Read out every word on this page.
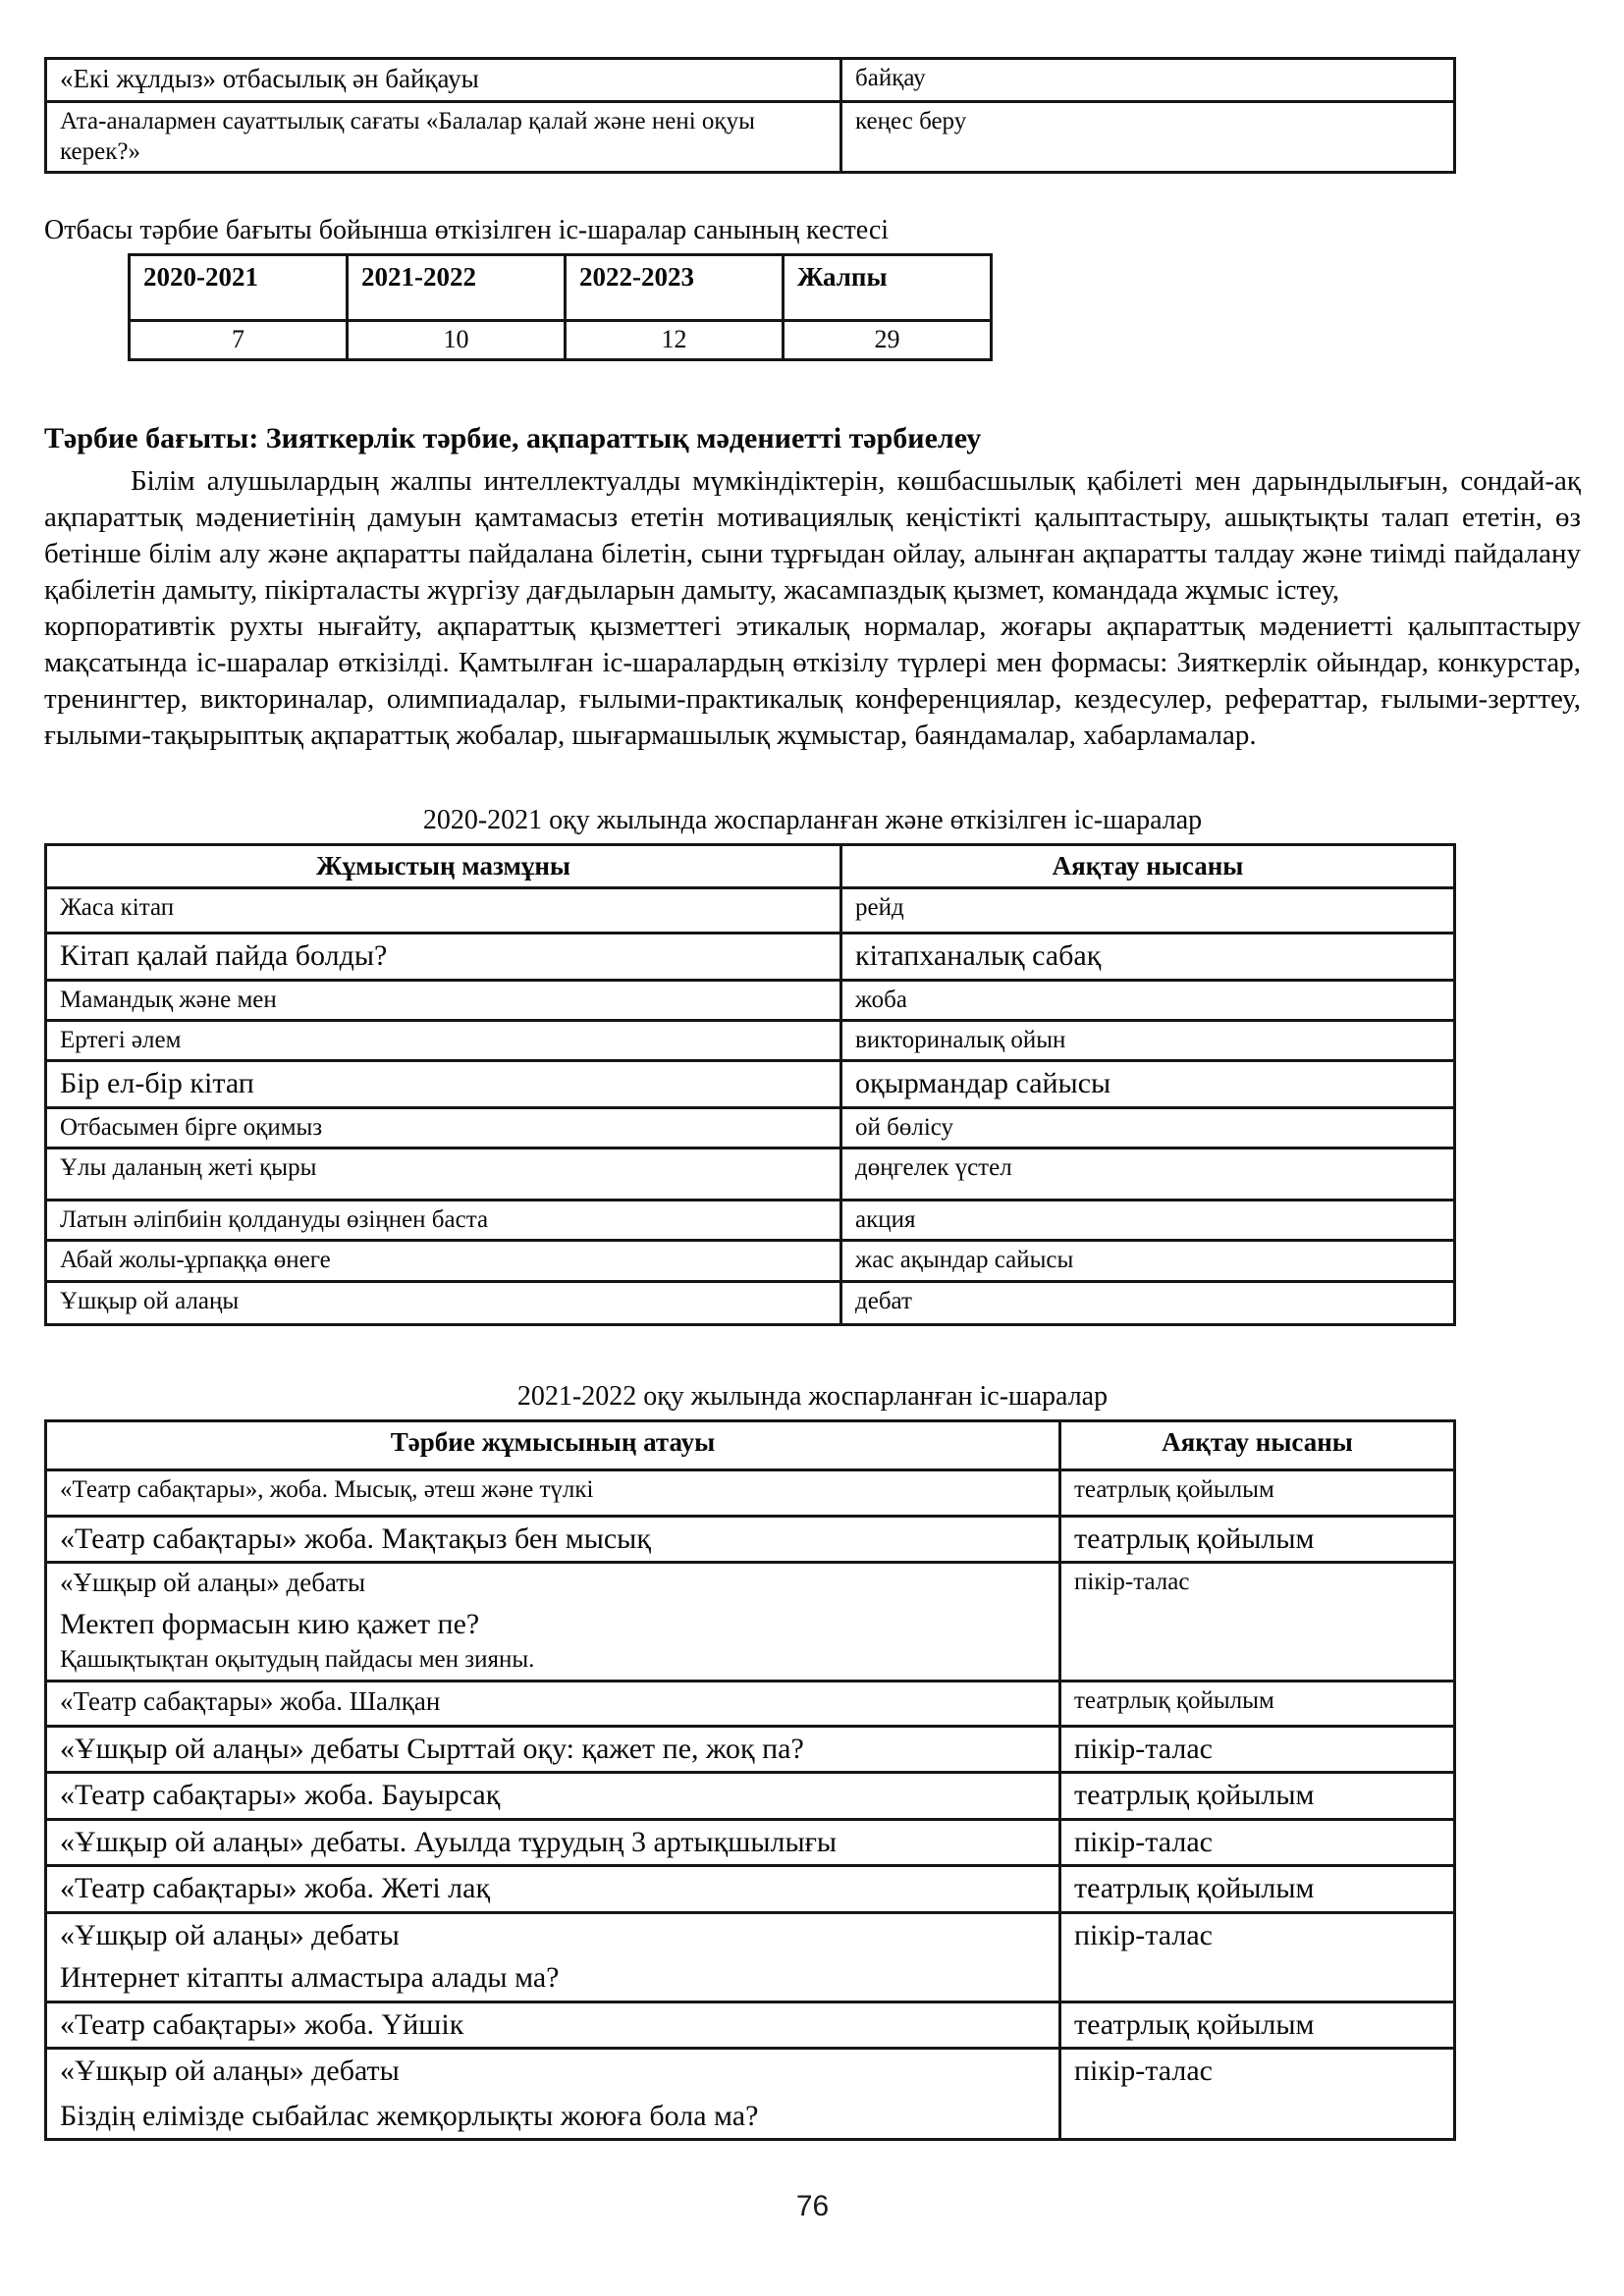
«Екі жұлдыз» отбасылық ән байқауы	байқау
Ата-аналармен сауаттылық сағаты «Балалар қалай және нені оқуы керек?»	кеңес беру
Отбасы тәрбие бағыты бойынша өткізілген іс-шаралар санының кестесі
2020-2021	2021-2022	2022-2023	Жалпы
7	10	12	29
Тәрбие бағыты: Зияткерлік тәрбие, ақпараттық мәдениетті тәрбиелеу

Білім алушылардың жалпы интеллектуалды мүмкіндіктерін, көшбасшылық қабілеті мен дарындылығын, сондай-ақ ақпараттық мәдениетінің дамуын қамтамасыз ететін мотивациялық кеңістікті қалыптастыру, ашықтықты талап ететін, өз бетінше білім алу және ақпаратты пайдалана білетін, сыни тұрғыдан ойлау, алынған ақпаратты талдау және тиімді пайдалану қабілетін дамыту, пікірталасты жүргізу дағдыларын дамыту, жасампаздық қызмет, командада жұмыс істеу,

корпоративтік рухты нығайту, ақпараттық қызметтегі этикалық нормалар, жоғары ақпараттық мәдениетті қалыптастыру мақсатында іс-шаралар өткізілді. Қамтылған іс-шаралардың өткізілу түрлері мен формасы: Зияткерлік ойындар, конкурстар, тренингтер, викториналар, олимпиадалар, ғылыми-практикалық конференциялар, кездесулер, рефераттар, ғылыми-зерттеу, ғылыми-тақырыптық ақпараттық жобалар, шығармашылық жұмыстар, баяндамалар, хабарламалар.

2020-2021 оқу жылында жоспарланған және өткізілген іс-шаралар
Жұмыстың мазмұны	Аяқтау нысаны
Жаса кітап	рейд
Кітап қалай пайда болды?	кітапханалық сабақ
Мамандық және мен	жоба
Ертегі әлем	викториналық ойын
Бір ел-бір кітап	оқырмандар сайысы
Отбасымен бірге оқимыз	ой бөлісу
Ұлы даланың жеті қыры	дөңгелек үстел
Латын әліпбиін қолдануды өзіңнен баста	акция
Абай жолы-ұрпаққа өнеге	жас ақындар сайысы
Ұшқыр ой алаңы	дебат
2021-2022 оқу жылында жоспарланған іс-шаралар
Тәрбие жұмысының атауы	Аяқтау нысаны
«Театр сабақтары», жоба. Мысық, әтеш және түлкі	театрлық қойылым
«Театр сабақтары» жоба. Мақтақыз бен мысық	театрлық қойылым

«Ұшқыр ой алаңы» дебаты
Мектеп формасын кию қажет пе?
Қашықтықтан оқытудың пайдасы мен зияны.	пікір-талас
«Театр сабақтары» жоба. Шалқан	театрлық қойылым
«Ұшқыр ой алаңы» дебаты Сырттай оқу: қажет пе, жоқ па?	пікір-талас
«Театр сабақтары» жоба. Бауырсақ	театрлық қойылым
«Ұшқыр ой алаңы» дебаты. Ауылда тұрудың 3 артықшылығы	пікір-талас
«Театр сабақтары» жоба. Жеті лақ	театрлық қойылым

«Ұшқыр ой алаңы» дебаты
Интернет кітапты алмастыра алады ма?	пікір-талас
«Театр сабақтары» жоба. Үйшік	театрлық қойылым

«Ұшқыр ой алаңы» дебаты
Біздің елімізде сыбайлас жемқорлықты жоюға бола ма?	пікір-талас
76
